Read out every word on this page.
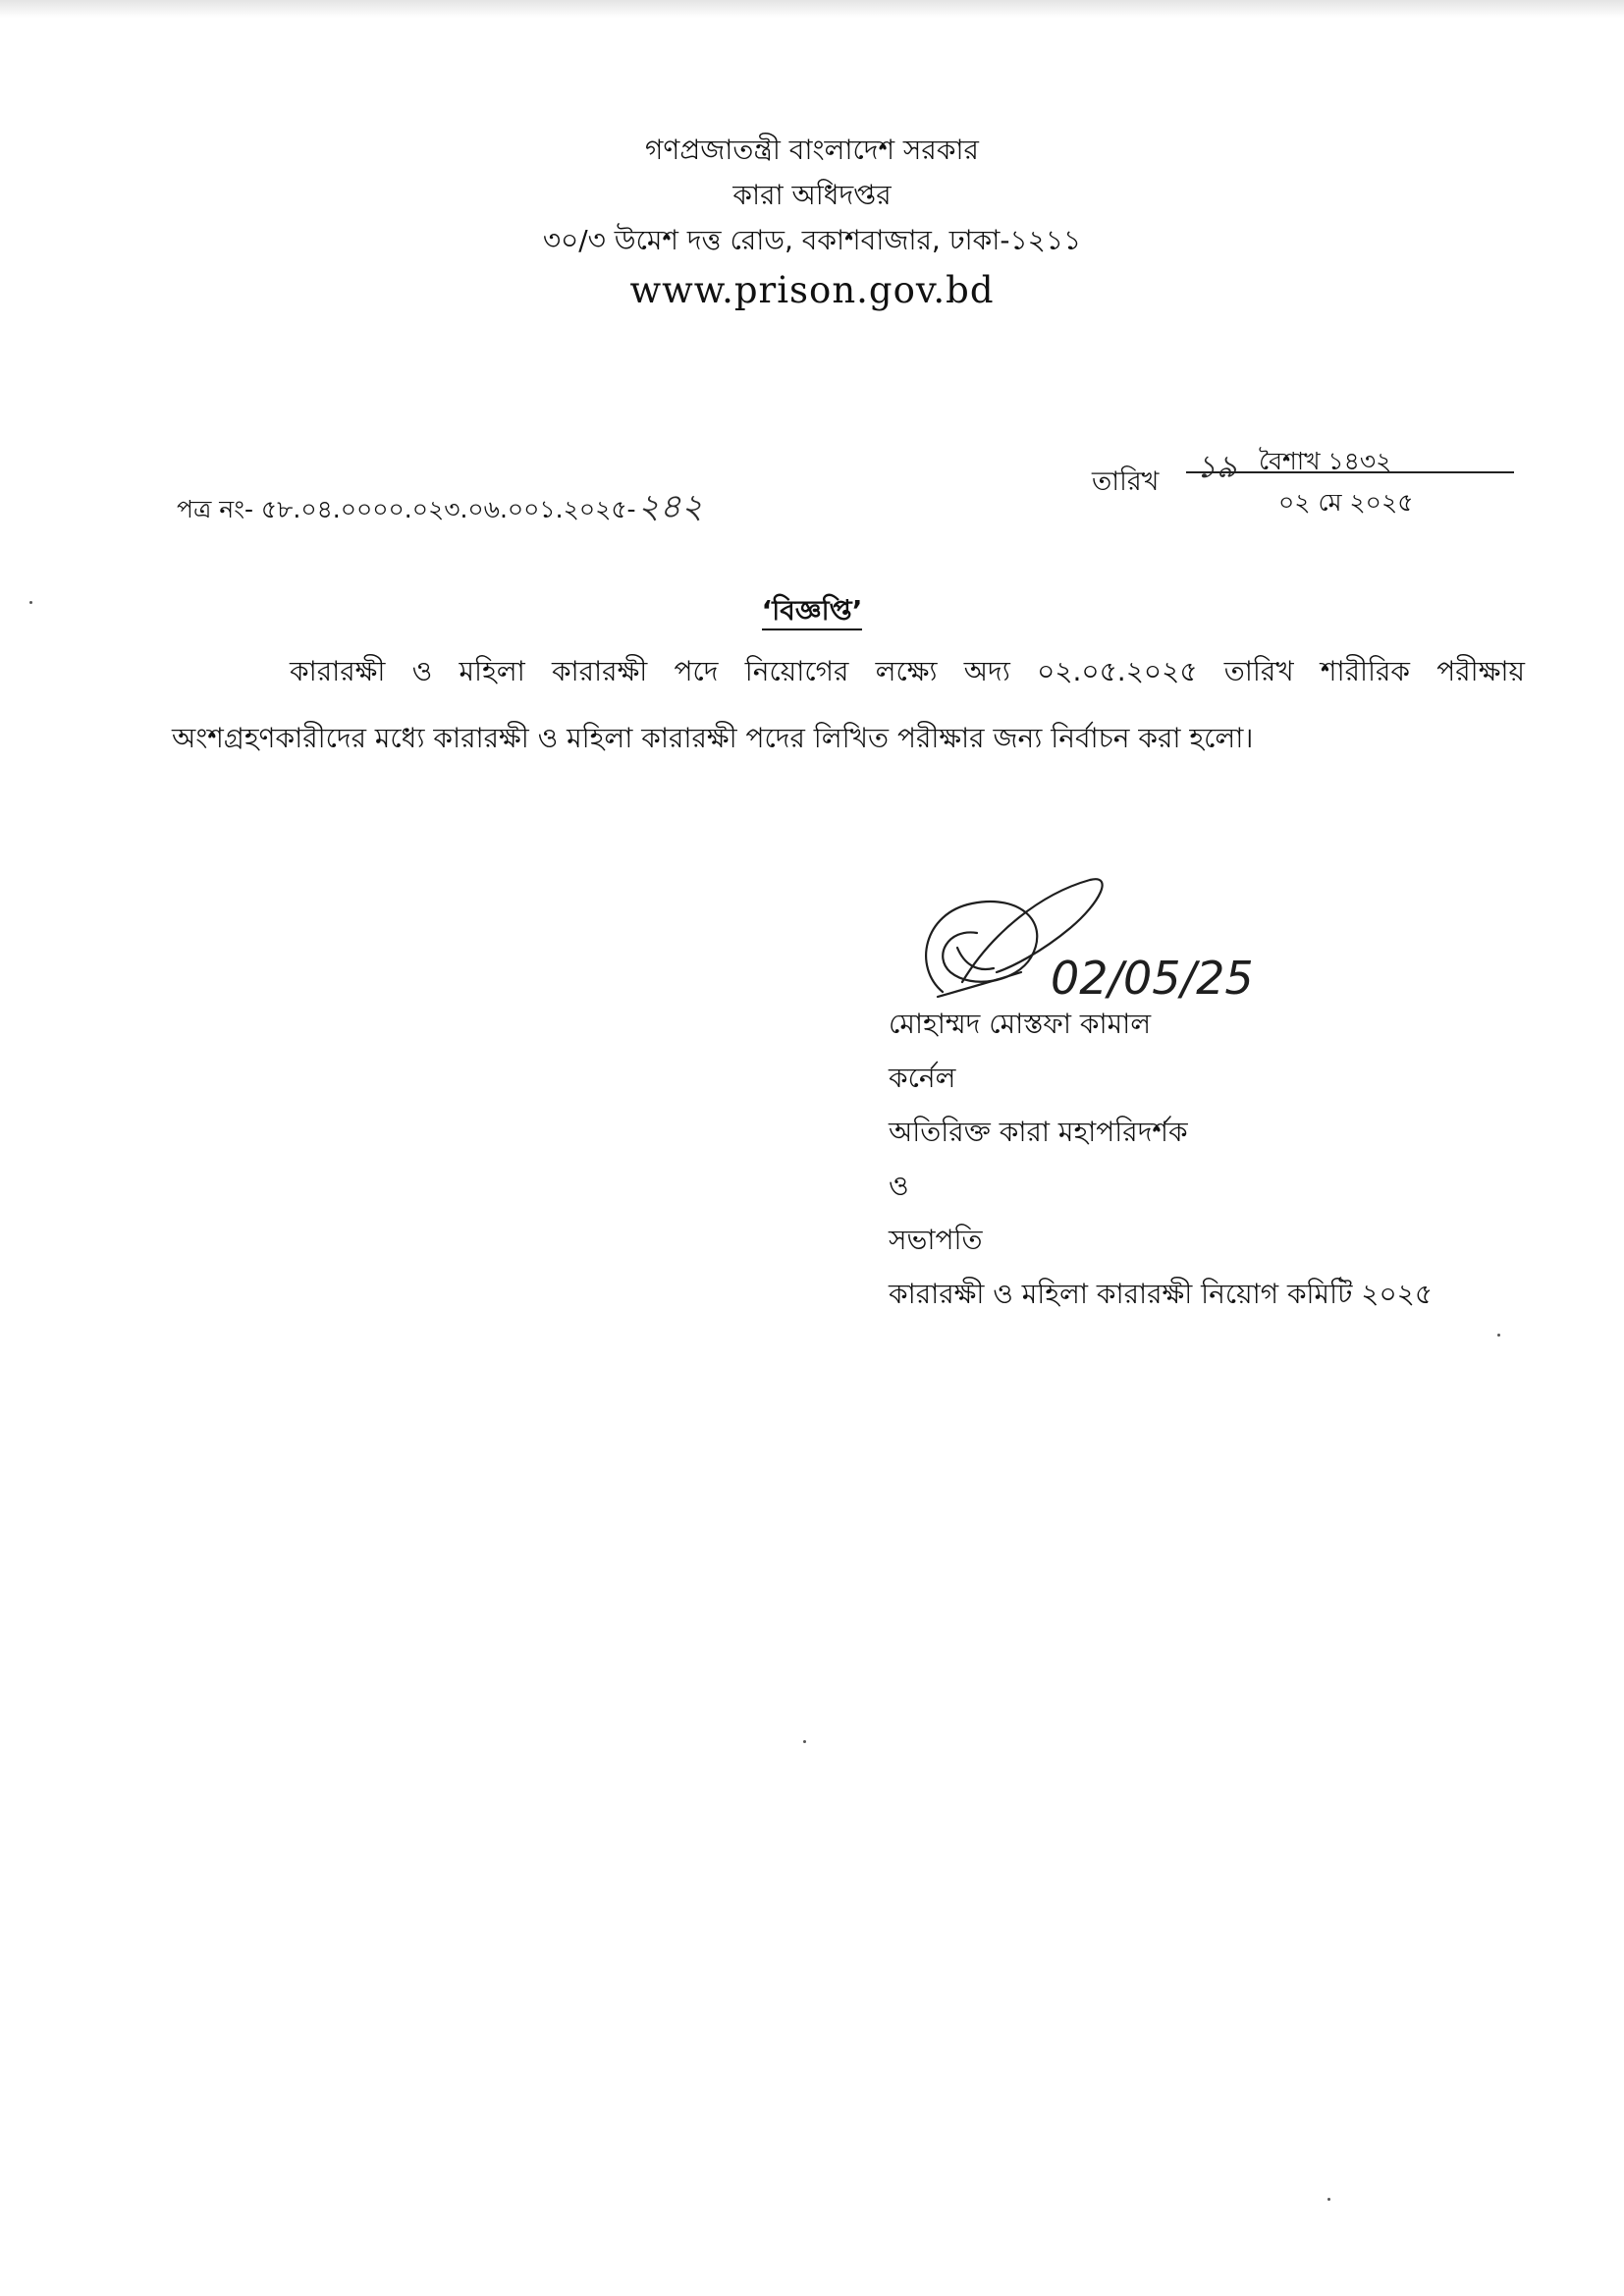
গণপ্রজাতন্ত্রী বাংলাদেশ সরকার
কারা অধিদপ্তর
৩০/৩ উমেশ দত্ত রোড, বকাশবাজার, ঢাকা-১২১১
www.prison.gov.bd
পত্র নং- ৫৮.০৪.০০০০.০২৩.০৬.০০১.২০২৫-২৪২
তারিখ ১৯ বৈশাখ ১৪৩২
০২ মে ২০২৫
‘বিজ্ঞপ্তি’
কারারক্ষী ও মহিলা কারারক্ষী পদে নিয়োগের লক্ষ্যে অদ্য ০২.০৫.২০২৫ তারিখ শারীরিক পরীক্ষায় অংশগ্রহণকারীদের মধ্যে কারারক্ষী ও মহিলা কারারক্ষী পদের লিখিত পরীক্ষার জন্য নির্বাচন করা হলো।
02/05/25
মোহাম্মদ মোস্তফা কামাল
কর্নেল
অতিরিক্ত কারা মহাপরিদর্শক
ও
সভাপতি
কারারক্ষী ও মহিলা কারারক্ষী নিয়োগ কমিটি ২০২৫
